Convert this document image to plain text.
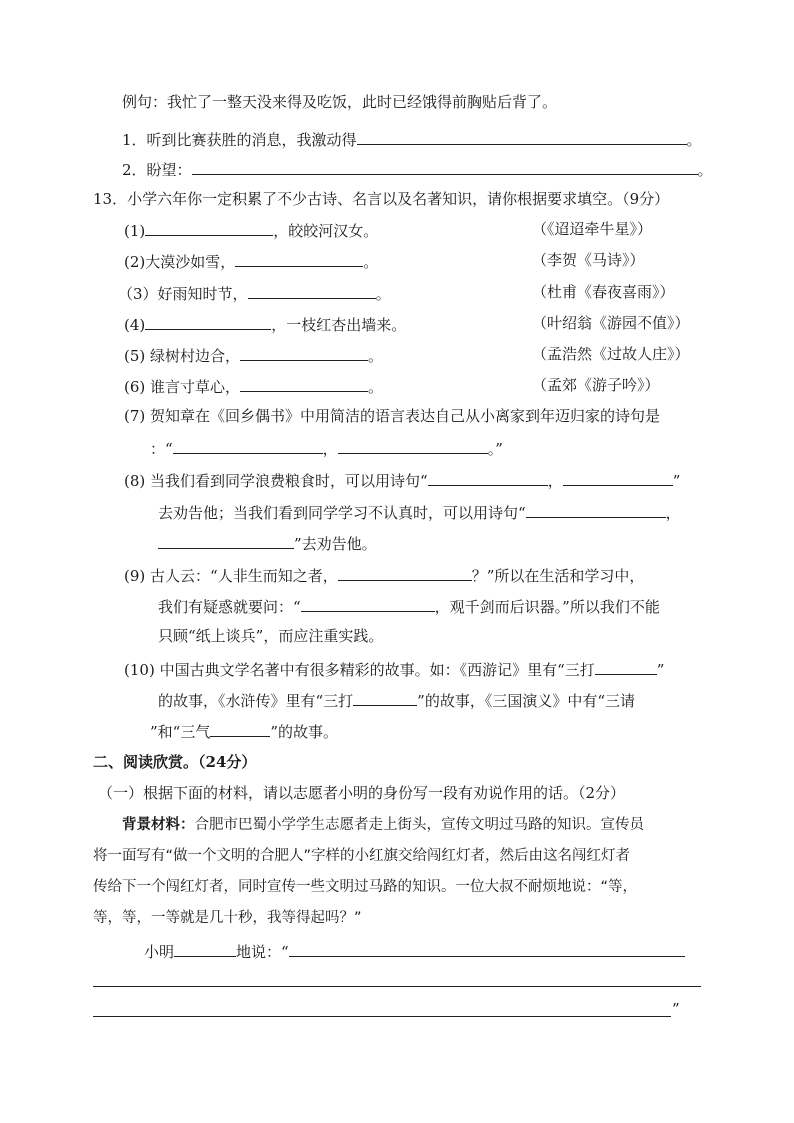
例句：我忙了一整天没来得及吃饭，此时已经饿得前胸贴后背了。
1．听到比赛获胜的消息，我激动得	。
2．盼望：	。
13．小学六年你一定积累了不少古诗、名言以及名著知识，请你根据要求填空。（9分）
(1)	，皎皎河汉女。	（《迢迢牵牛星》）
(2)大漠沙如雪，	。	（李贺《马诗》）
（3）好雨知时节，	。	（杜甫《春夜喜雨》）
(4)	，一枝红杏出墙来。	（叶绍翁《游园不值》）
(5) 绿树村边合，	。	（孟浩然《过故人庄》）
(6) 谁言寸草心，	。	（孟郊《游子吟》）
(7) 贺知章在《回乡偶书》中用简洁的语言表达自己从小离家到年迈归家的诗句是
：“	，	。”
(8) 当我们看到同学浪费粮食时，可以用诗句“	，	”
去劝告他；当我们看到同学学习不认真时，可以用诗句“	，
”去劝告他。
(9) 古人云：“人非生而知之者，	？”所以在生活和学习中，
我们有疑惑就要问：“	，观千剑而后识器。”所以我们不能
只顾“纸上谈兵”，而应注重实践。
(10) 中国古典文学名著中有很多精彩的故事。如：《西游记》里有“三打	”
的故事，《水浒传》里有“三打	”的故事，《三国演义》中有“三请
”和“三气	”的故事。
二、阅读欣赏。（24分）
（一）根据下面的材料，请以志愿者小明的身份写一段有劝说作用的话。（2分）
背景材料：合肥市巴蜀小学学生志愿者走上街头，宣传文明过马路的知识。宣传员
将一面写有“做一个文明的合肥人”字样的小红旗交给闯红灯者，然后由这名闯红灯者
传给下一个闯红灯者，同时宣传一些文明过马路的知识。一位大叔不耐烦地说：“等，
等，等，一等就是几十秒，我等得起吗？”
小明	地说：“
”
